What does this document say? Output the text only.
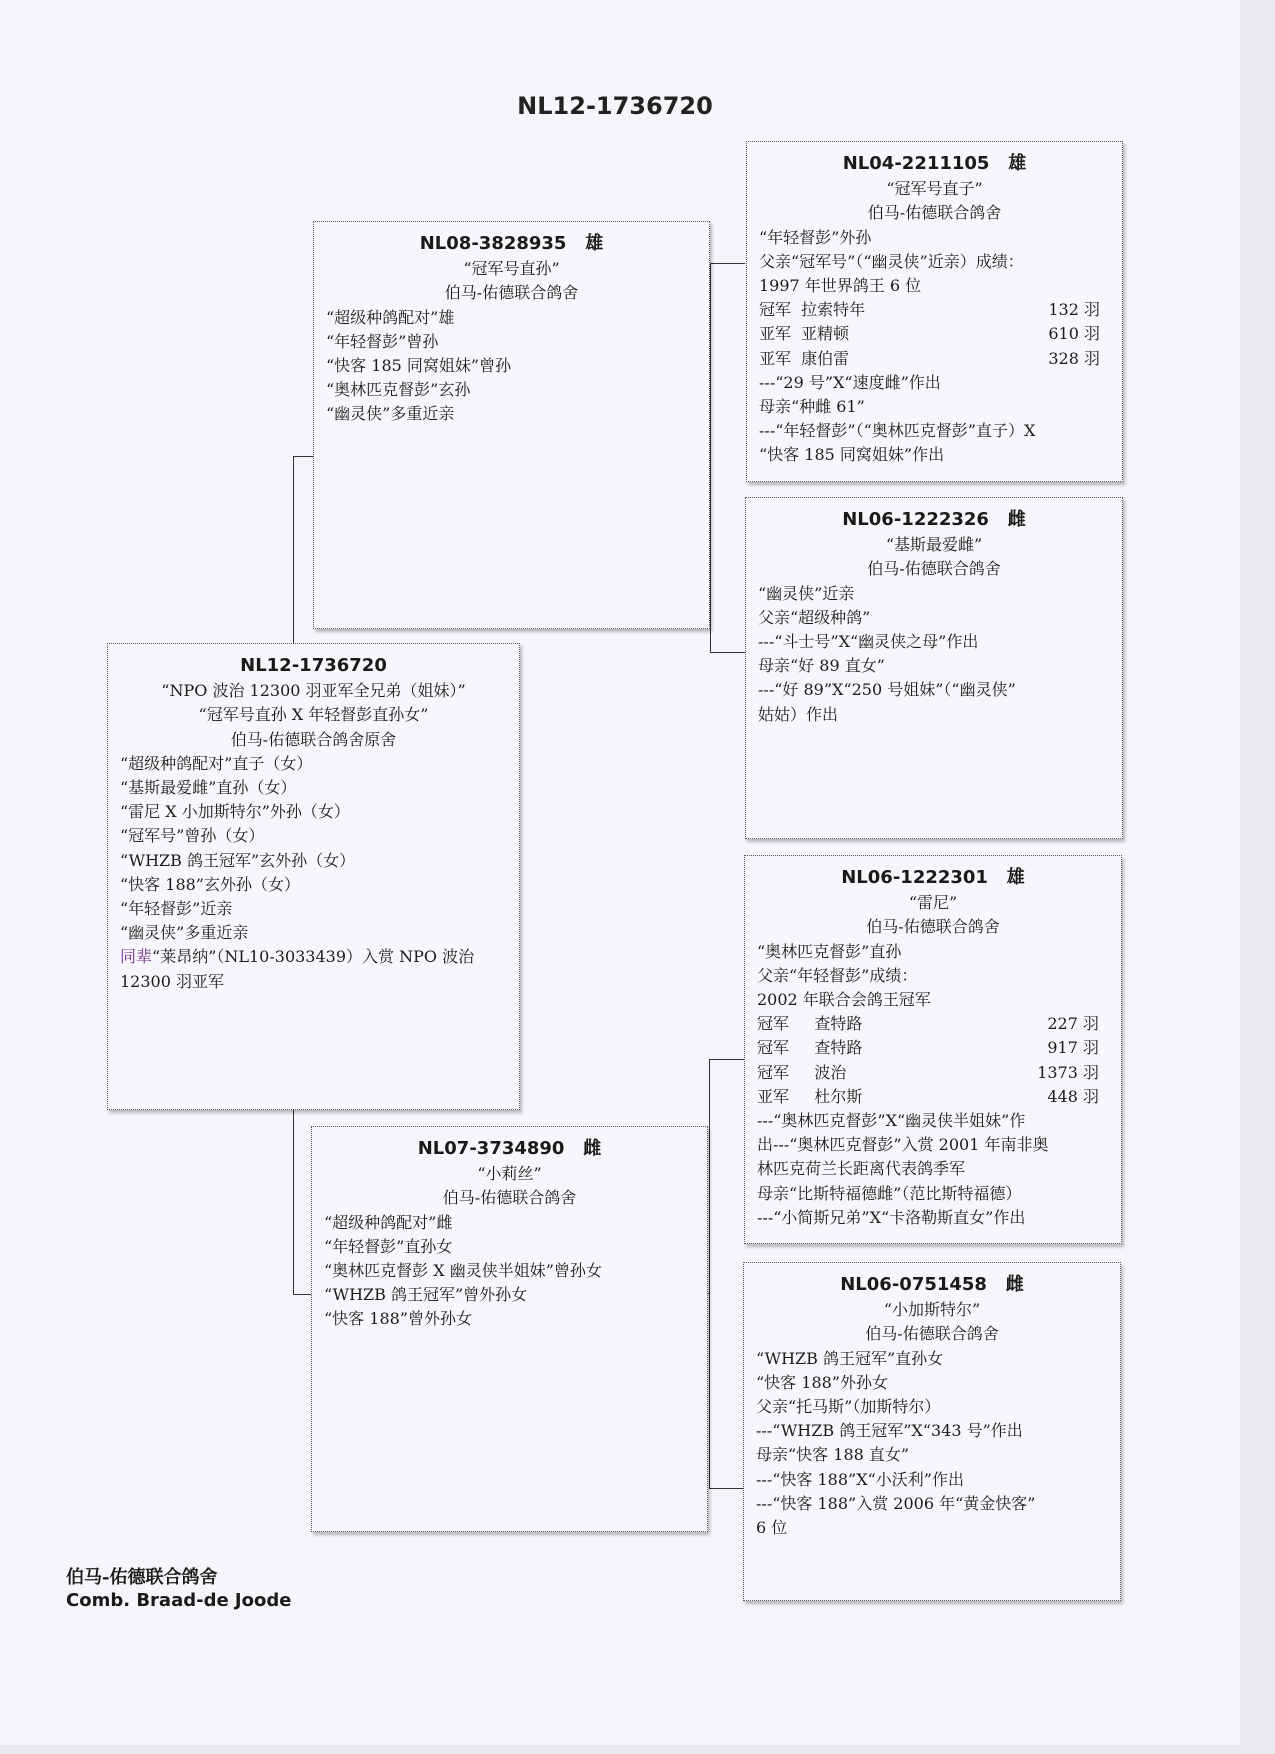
NL12-1736720
NL08-3828935   雄
“冠军号直孙”
伯马-佑德联合鸽舍
“超级种鸽配对”雄
“年轻督彭”曾孙
“快客 185 同窝姐妹”曾孙
“奥林匹克督彭”玄孙
“幽灵侠”多重近亲
NL12-1736720
“NPO 波治 12300 羽亚军全兄弟（姐妹）”
“冠军号直孙 X 年轻督彭直孙女”
伯马-佑德联合鸽舍原舍
“超级种鸽配对”直子（女）
“基斯最爱雌”直孙（女）
“雷尼 X 小加斯特尔”外孙（女）
“冠军号”曾孙（女）
“WHZB 鸽王冠军”玄外孙（女）
“快客 188”玄外孙（女）
“年轻督彭”近亲
“幽灵侠”多重近亲
同辈“莱昂纳”（NL10-3033439）入赏 NPO 波治 12300 羽亚军
NL07-3734890   雌
“小莉丝”
伯马-佑德联合鸽舍
“超级种鸽配对”雌
“年轻督彭”直孙女
“奥林匹克督彭 X 幽灵侠半姐妹”曾孙女
“WHZB 鸽王冠军”曾外孙女
“快客 188”曾外孙女
NL04-2211105   雄
“冠军号直子”
伯马-佑德联合鸽舍
“年轻督彭”外孙
父亲“冠军号”（“幽灵侠”近亲）成绩：
1997 年世界鸽王 6 位
冠军  拉索特年	132 羽
亚军  亚精顿	610 羽
亚军  康伯雷	328 羽
---“29 号”X“速度雌”作出
母亲“种雌 61”
---“年轻督彭”（“奥林匹克督彭”直子）X
“快客 185 同窝姐妹”作出
NL06-1222326   雌
“基斯最爱雌”
伯马-佑德联合鸽舍
“幽灵侠”近亲
父亲“超级种鸽”
---“斗士号”X“幽灵侠之母”作出
母亲“好 89 直女”
---“好 89”X“250 号姐妹”（“幽灵侠”
姑姑）作出
NL06-1222301   雄
“雷尼”
伯马-佑德联合鸽舍
“奥林匹克督彭”直孙
父亲“年轻督彭”成绩：
2002 年联合会鸽王冠军
冠军     查特路	227 羽
冠军     查特路	917 羽
冠军     波治	1373 羽
亚军     杜尔斯	448 羽
---“奥林匹克督彭”X“幽灵侠半姐妹”作
出---“奥林匹克督彭”入赏 2001 年南非奥
林匹克荷兰长距离代表鸽季军
母亲“比斯特福德雌”（范比斯特福德）
---“小简斯兄弟”X“卡洛勒斯直女”作出
NL06-0751458   雌
“小加斯特尔”
伯马-佑德联合鸽舍
“WHZB 鸽王冠军”直孙女
“快客 188”外孙女
父亲“托马斯”（加斯特尔）
---“WHZB 鸽王冠军”X“343 号”作出
母亲“快客 188 直女”
---“快客 188”X“小沃利”作出
---“快客 188”入赏 2006 年“黄金快客”
6 位
伯马-佑德联合鸽舍
Comb. Braad-de Joode
